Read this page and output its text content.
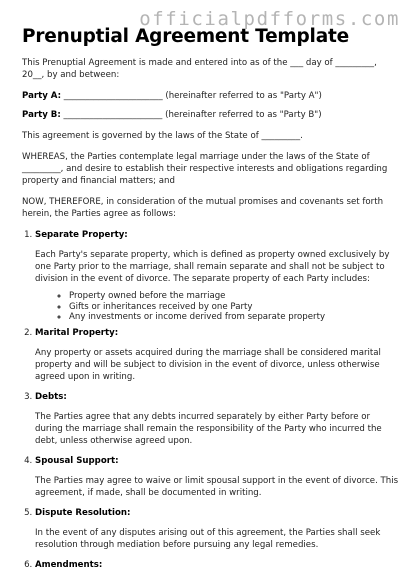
officialpdfforms.com
Prenuptial Agreement Template

This Prenuptial Agreement is made and entered into as of the ___ day of _________, 20__, by and between:

Party A: _______________________ (hereinafter referred to as "Party A")

Party B: _______________________ (hereinafter referred to as "Party B")

This agreement is governed by the laws of the State of _________.

WHEREAS, the Parties contemplate legal marriage under the laws of the State of _________, and desire to establish their respective interests and obligations regarding property and financial matters; and

NOW, THEREFORE, in consideration of the mutual promises and covenants set forth herein, the Parties agree as follows:

1. Separate Property:

Each Party's separate property, which is defined as property owned exclusively by one Party prior to the marriage, shall remain separate and shall not be subject to division in the event of divorce. The separate property of each Party includes:

◦ Property owned before the marriage
◦ Gifts or inheritances received by one Party
◦ Any investments or income derived from separate property
2. Marital Property:

Any property or assets acquired during the marriage shall be considered marital property and will be subject to division in the event of divorce, unless otherwise agreed upon in writing.

3. Debts:

The Parties agree that any debts incurred separately by either Party before or during the marriage shall remain the responsibility of the Party who incurred the debt, unless otherwise agreed upon.

4. Spousal Support:

The Parties may agree to waive or limit spousal support in the event of divorce. This agreement, if made, shall be documented in writing.

5. Dispute Resolution:

In the event of any disputes arising out of this agreement, the Parties shall seek resolution through mediation before pursuing any legal remedies.

6. Amendments:
